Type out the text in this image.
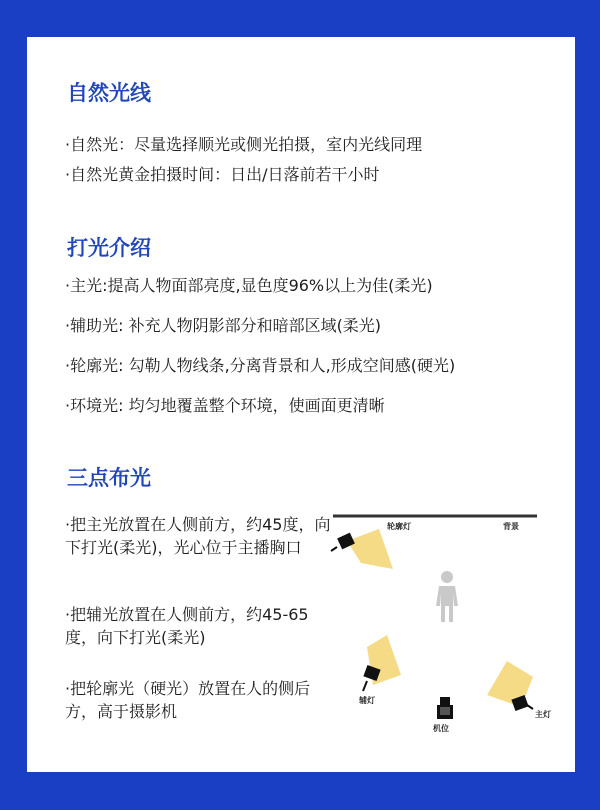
自然光线
·自然光：尽量选择顺光或侧光拍摄，室内光线同理
·自然光黄金拍摄时间：日出/日落前若干小时
打光介绍
·主光:提高人物面部亮度,显色度96%以上为佳(柔光)
·辅助光: 补充人物阴影部分和暗部区域(柔光)
·轮廓光: 勾勒人物线条,分离背景和人,形成空间感(硬光)
·环境光: 均匀地覆盖整个环境，使画面更清晰
三点布光
·把主光放置在人侧前方，约45度，向下打光(柔光)，光心位于主播胸口
·把辅光放置在人侧前方，约45-65度，向下打光(柔光)
·把轮廓光（硬光）放置在人的侧后方，高于摄影机
轮廓灯	背景
辅灯
主灯
机位
